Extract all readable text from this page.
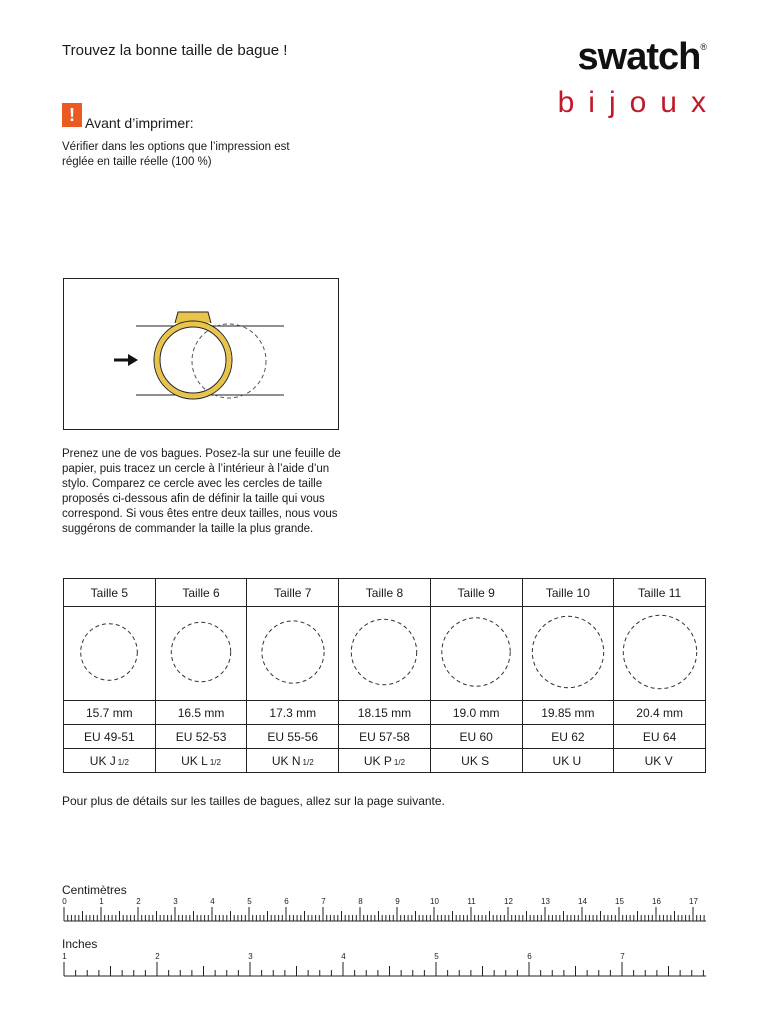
Trouvez la bonne taille de bague !	swatch®
bijoux
! Avant d’imprimer:
Vérifier dans les options que l’impression est réglée en taille réelle (100 %)
Prenez une de vos bagues. Posez-la sur une feuille de papier, puis tracez un cercle à l’intérieur à l’aide d’un stylo. Comparez ce cercle avec les cercles de taille proposés ci-dessous afin de définir la taille qui vous correspond. Si vous êtes entre deux tailles, nous vous suggérons de commander la taille la plus grande.
Taille 5	Taille 6	Taille 7	Taille 8	Taille 9	Taille 10	Taille 11

15.7 mm	16.5 mm	17.3 mm	18.15 mm	19.0 mm	19.85 mm	20.4 mm
EU 49-51	EU 52-53	EU 55-56	EU 57-58	EU 60	EU 62	EU 64
UK J 1/2	UK L 1/2	UK N 1/2	UK P 1/2	UK S	UK U	UK V
Pour plus de détails sur les tailles de bagues, allez sur la page suivante.
Centimètres
0	1	2	3	4	5	6	7	8	9	10	11	12	13	14	15	16	17
Inches
1	2	3	4	5	6	7
